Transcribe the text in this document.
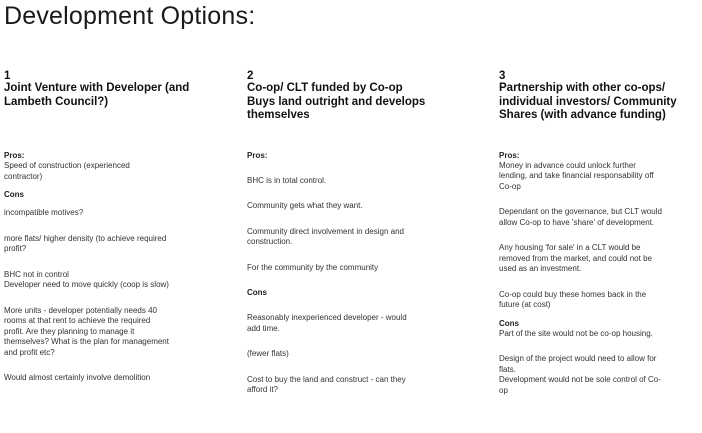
Development Options:
1
Joint Venture with Developer (and
Lambeth Council?)
Pros:
Speed of construction (experienced
contractor)
Cons
incompatible motives?
more flats/ higher density (to achieve required
profit?
BHC not in control
Developer need to move quickly (coop is slow)
More units - developer potentially needs 40
rooms at that rent to achieve the required
profit. Are they planning to manage it
themselves? What is the plan for management
and profit etc?
Would almost certainly involve demolition
2
Co-op/ CLT funded by Co-op
Buys land outright and develops
themselves
Pros:
BHC is in total control.
Community gets what they want.
Community direct involvement in design and
construction.
For the community by the community
Cons
Reasonably inexperienced developer - would
add time.
(fewer flats)
Cost to buy the land and construct - can they
afford it?
3
Partnership with other co-ops/
individual investors/ Community
Shares (with advance funding)
Pros:
Money in advance could unlock further
lending, and take financial responsability off
Co-op
Dependant on the governance, but CLT would
allow Co-op to have 'share' of development.
Any housing 'for sale' in a CLT would be
removed from the market, and could not be
used as an investment.
Co-op could buy these homes back in the
future (at cost)
Cons
Part of the site would not be co-op housing.
Design of the project would need to allow for
flats.
Development would not be sole control of Co-
op
